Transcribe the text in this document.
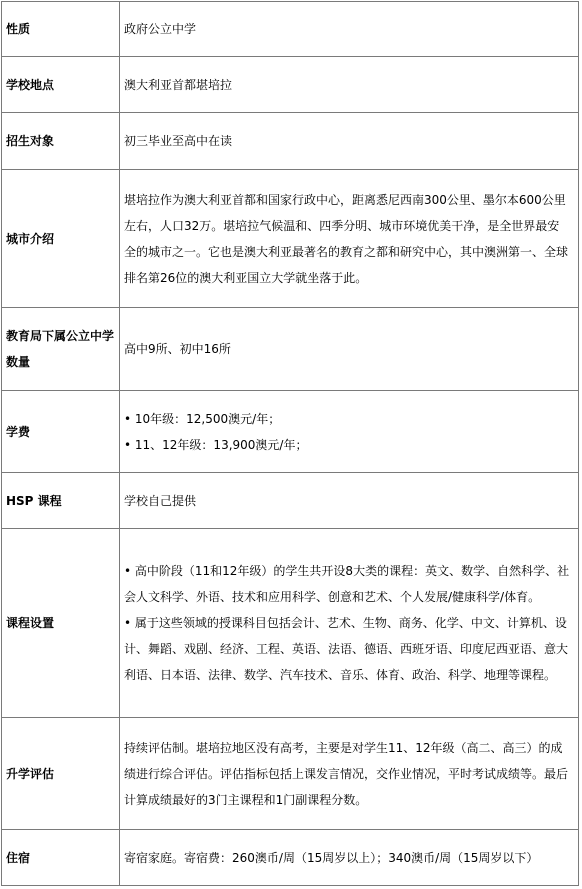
性质	政府公立中学

学校地点	澳大利亚首都堪培拉

招生对象	初三毕业至高中在读

城市介绍	堪培拉作为澳大利亚首都和国家行政中心，距离悉尼西南300公里、墨尔本600公里左右，人口32万。堪培拉气候温和、四季分明、城市环境优美干净，是全世界最安全的城市之一。它也是澳大利亚最著名的教育之都和研究中心，其中澳洲第一、全球排名第26位的澳大利亚国立大学就坐落于此。

教育局下属公立中学数量	高中9所、初中16所

学费	• 10年级：12,500澳元/年；
• 11、12年级：13,900澳元/年；

HSP 课程	学校自己提供

课程设置	• 高中阶段（11和12年级）的学生共开设8大类的课程：英文、数学、自然科学、社会人文科学、外语、技术和应用科学、创意和艺术、个人发展/健康科学/体育。
• 属于这些领域的授课科目包括会计、艺术、生物、商务、化学、中文、计算机、设计、舞蹈、戏剧、经济、工程、英语、法语、德语、西班牙语、印度尼西亚语、意大利语、日本语、法律、数学、汽车技术、音乐、体育、政治、科学、地理等课程。

升学评估	持续评估制。堪培拉地区没有高考，主要是对学生11、12年级（高二、高三）的成绩进行综合评估。评估指标包括上课发言情况，交作业情况，平时考试成绩等。最后计算成绩最好的3门主课程和1门副课程分数。

住宿	寄宿家庭。寄宿费：260澳币/周（15周岁以上）；340澳币/周（15周岁以下）
